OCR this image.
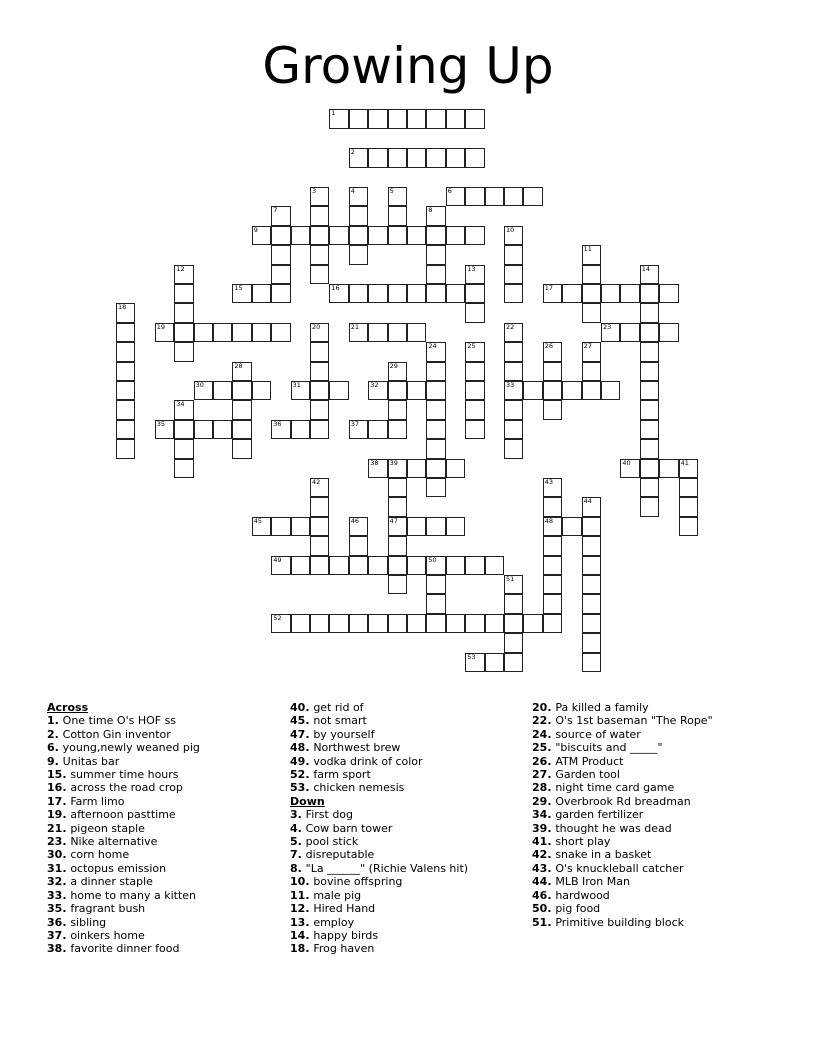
Growing Up
1
2
6
9
15	16	17
19	21	23
30	31	32	33
35	36	37
38 39	40	41
45	47	48
49	50
52
53
3	4	5
7	8
10
11
12	13	14
18
20	22
24	25	26	27
28	29
34
42	43
44
46
51
Across
1. One time O's HOF ss
2. Cotton Gin inventor
6. young,newly weaned pig
9. Unitas bar
15. summer time hours
16. across the road crop
17. Farm limo
19. afternoon pasttime
21. pigeon staple
23. Nike alternative
30. corn home
31. octopus emission
32. a dinner staple
33. home to many a kitten
35. fragrant bush
36. sibling
37. oinkers home
38. favorite dinner food
40. get rid of
45. not smart
47. by yourself
48. Northwest brew
49. vodka drink of color
52. farm sport
53. chicken nemesis
Down
3. First dog
4. Cow barn tower
5. pool stick
7. disreputable
8. "La ______" (Richie Valens hit)
10. bovine offspring
11. male pig
12. Hired Hand
13. employ
14. happy birds
18. Frog haven
20. Pa killed a family
22. O's 1st baseman "The Rope"
24. source of water
25. "biscuits and _____"
26. ATM Product
27. Garden tool
28. night time card game
29. Overbrook Rd breadman
34. garden fertilizer
39. thought he was dead
41. short play
42. snake in a basket
43. O's knuckleball catcher
44. MLB Iron Man
46. hardwood
50. pig food
51. Primitive building block
